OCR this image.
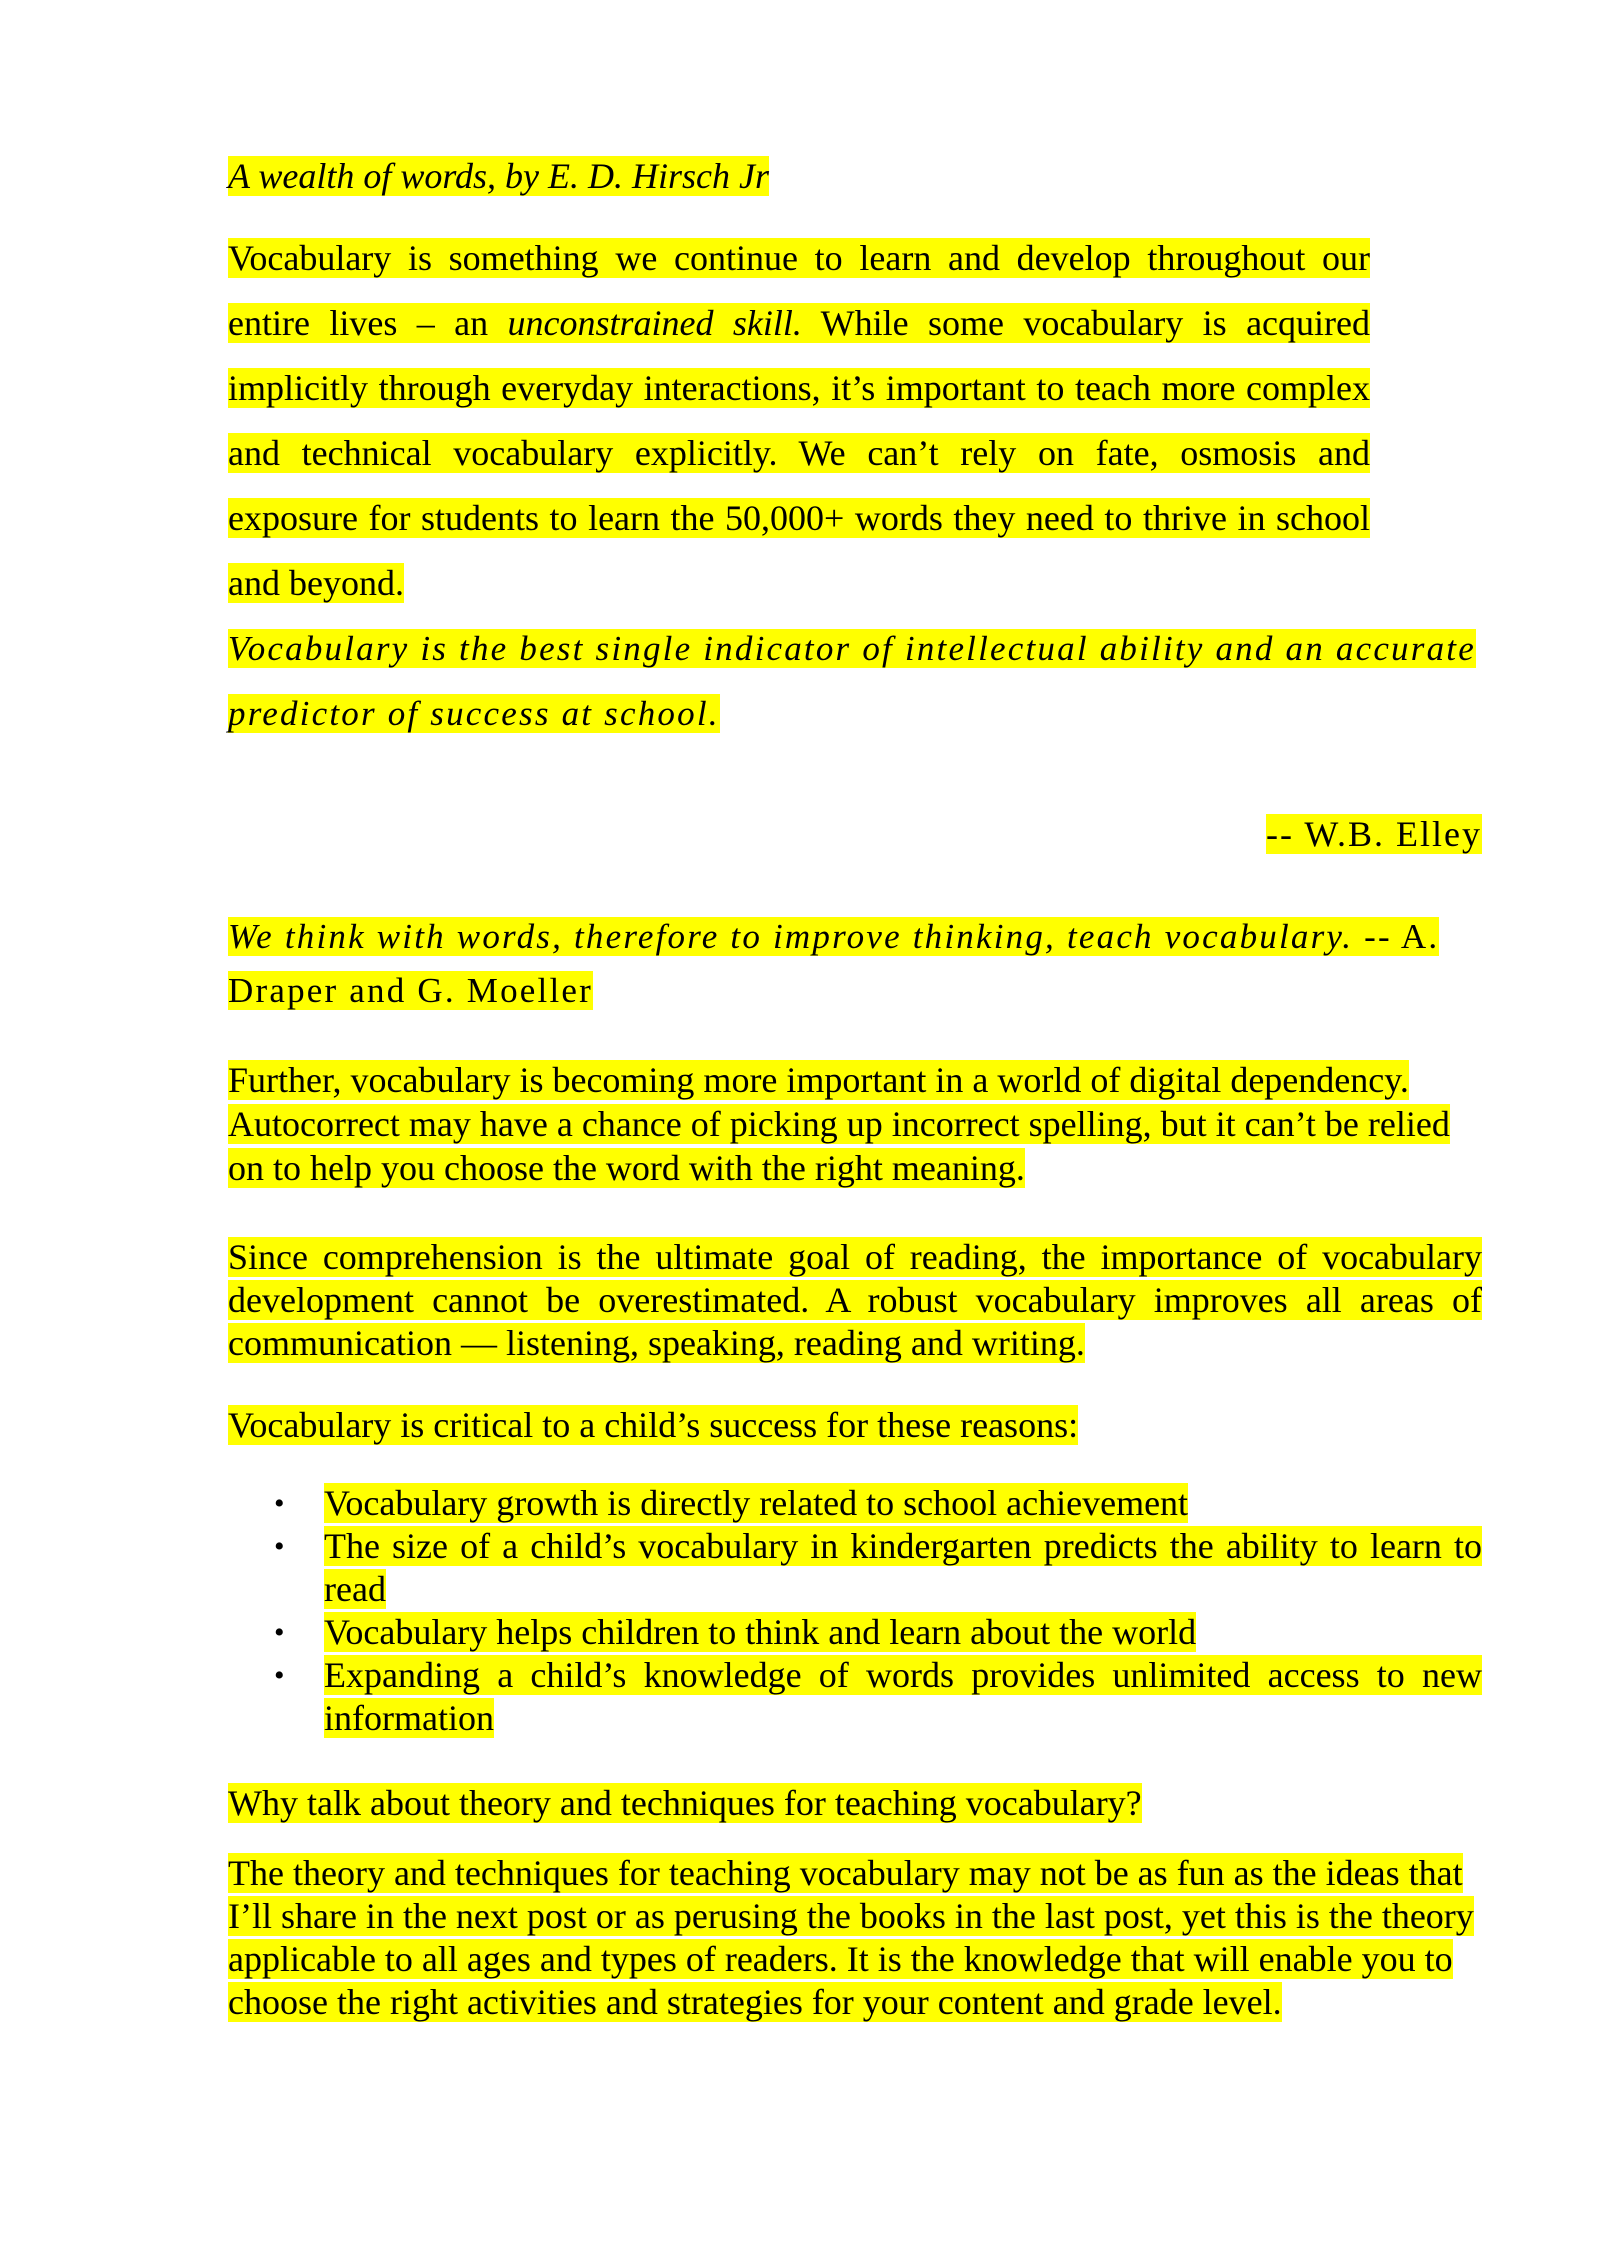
A wealth of words, by E. D. Hirsch Jr

Vocabulary is something we continue to learn and develop throughout our entire lives – an unconstrained skill. While some vocabulary is acquired implicitly through everyday interactions, it’s important to teach more complex and technical vocabulary explicitly. We can’t rely on fate, osmosis and exposure for students to learn the 50,000+ words they need to thrive in school and beyond.

Vocabulary is the best single indicator of intellectual ability and an accurate predictor of success at school.

-- W.B. Elley

We think with words, therefore to improve thinking, teach vocabulary. -- A. Draper and G. Moeller

Further, vocabulary is becoming more important in a world of digital dependency. Autocorrect may have a chance of picking up incorrect spelling, but it can’t be relied on to help you choose the word with the right meaning.

Since comprehension is the ultimate goal of reading, the importance of vocabulary development cannot be overestimated. A robust vocabulary improves all areas of communication — listening, speaking, reading and writing.

Vocabulary is critical to a child’s success for these reasons:

• Vocabulary growth is directly related to school achievement
• The size of a child’s vocabulary in kindergarten predicts the ability to learn to read
• Vocabulary helps children to think and learn about the world
• Expanding a child’s knowledge of words provides unlimited access to new information

Why talk about theory and techniques for teaching vocabulary?

The theory and techniques for teaching vocabulary may not be as fun as the ideas that I’ll share in the next post or as perusing the books in the last post, yet this is the theory applicable to all ages and types of readers. It is the knowledge that will enable you to choose the right activities and strategies for your content and grade level.
